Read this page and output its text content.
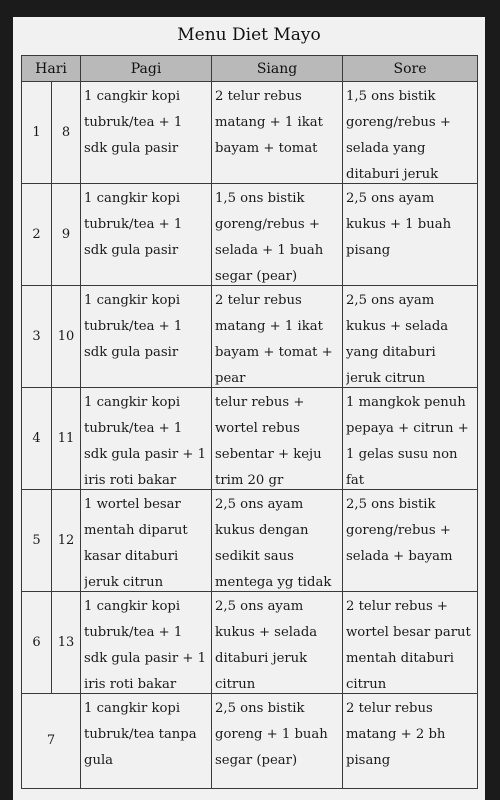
Menu Diet Mayo
Hari		Pagi	Siang	Sore
1	8	1 cangkir kopi tubruk/tea + 1 sdk gula pasir	2 telur rebus matang + 1 ikat bayam + tomat	1,5 ons bistik goreng/rebus + selada yang ditaburi jeruk

2	9	1 cangkir kopi tubruk/tea + 1 sdk gula pasir	1,5 ons bistik goreng/rebus + selada + 1 buah segar (pear)	2,5 ons ayam kukus + 1 buah pisang

3	10	1 cangkir kopi tubruk/tea + 1 sdk gula pasir	2 telur rebus matang + 1 ikat bayam + tomat + pear	2,5 ons ayam kukus + selada yang ditaburi jeruk citrun

4	11	1 cangkir kopi tubruk/tea + 1 sdk gula pasir + 1 iris roti bakar	telur rebus + wortel rebus sebentar + keju trim 20 gr	1 mangkok penuh pepaya + citrun + 1 gelas susu non fat

5	12	1 wortel besar mentah diparut kasar ditaburi jeruk citrun	2,5 ons ayam kukus dengan sedikit saus mentega yg tidak	2,5 ons bistik goreng/rebus + selada + bayam

6	13	1 cangkir kopi tubruk/tea + 1 sdk gula pasir + 1 iris roti bakar	2,5 ons ayam kukus + selada ditaburi jeruk citrun	2 telur rebus + wortel besar parut mentah ditaburi citrun

7		1 cangkir kopi tubruk/tea tanpa gula	2,5 ons bistik goreng + 1 buah segar (pear)	2 telur rebus matang + 2 bh pisang
